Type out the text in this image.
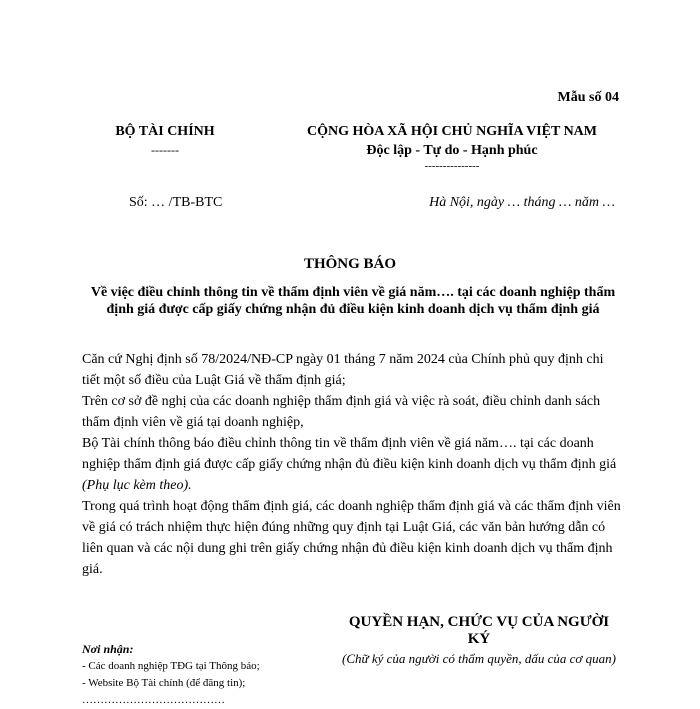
Mẫu số 04
BỘ TÀI CHÍNH
-------
CỘNG HÒA XÃ HỘI CHỦ NGHĨA VIỆT NAM
Độc lập - Tự do - Hạnh phúc
---------------
Số: … /TB-BTC	Hà Nội, ngày … tháng … năm …
THÔNG BÁO
Về việc điều chỉnh thông tin về thẩm định viên về giá năm…. tại các doanh nghiệp thẩm định giá được cấp giấy chứng nhận đủ điều kiện kinh doanh dịch vụ thẩm định giá
Căn cứ Nghị định số 78/2024/NĐ-CP ngày 01 tháng 7 năm 2024 của Chính phủ quy định chi tiết một số điều của Luật Giá về thẩm định giá;
Trên cơ sở đề nghị của các doanh nghiệp thẩm định giá và việc rà soát, điều chỉnh danh sách thẩm định viên về giá tại doanh nghiệp,
Bộ Tài chính thông báo điều chỉnh thông tin về thẩm định viên về giá năm…. tại các doanh nghiệp thẩm định giá được cấp giấy chứng nhận đủ điều kiện kinh doanh dịch vụ thẩm định giá (Phụ lục kèm theo).
Trong quá trình hoạt động thẩm định giá, các doanh nghiệp thẩm định giá và các thẩm định viên về giá có trách nhiệm thực hiện đúng những quy định tại Luật Giá, các văn bản hướng dẫn có liên quan và các nội dung ghi trên giấy chứng nhận đủ điều kiện kinh doanh dịch vụ thẩm định giá.
QUYỀN HẠN, CHỨC VỤ CỦA NGƯỜI KÝ
(Chữ ký của người có thẩm quyền, dấu của cơ quan)
Nơi nhận:
- Các doanh nghiệp TĐG tại Thông báo;
- Website Bộ Tài chính (để đăng tin);
…………………………………
